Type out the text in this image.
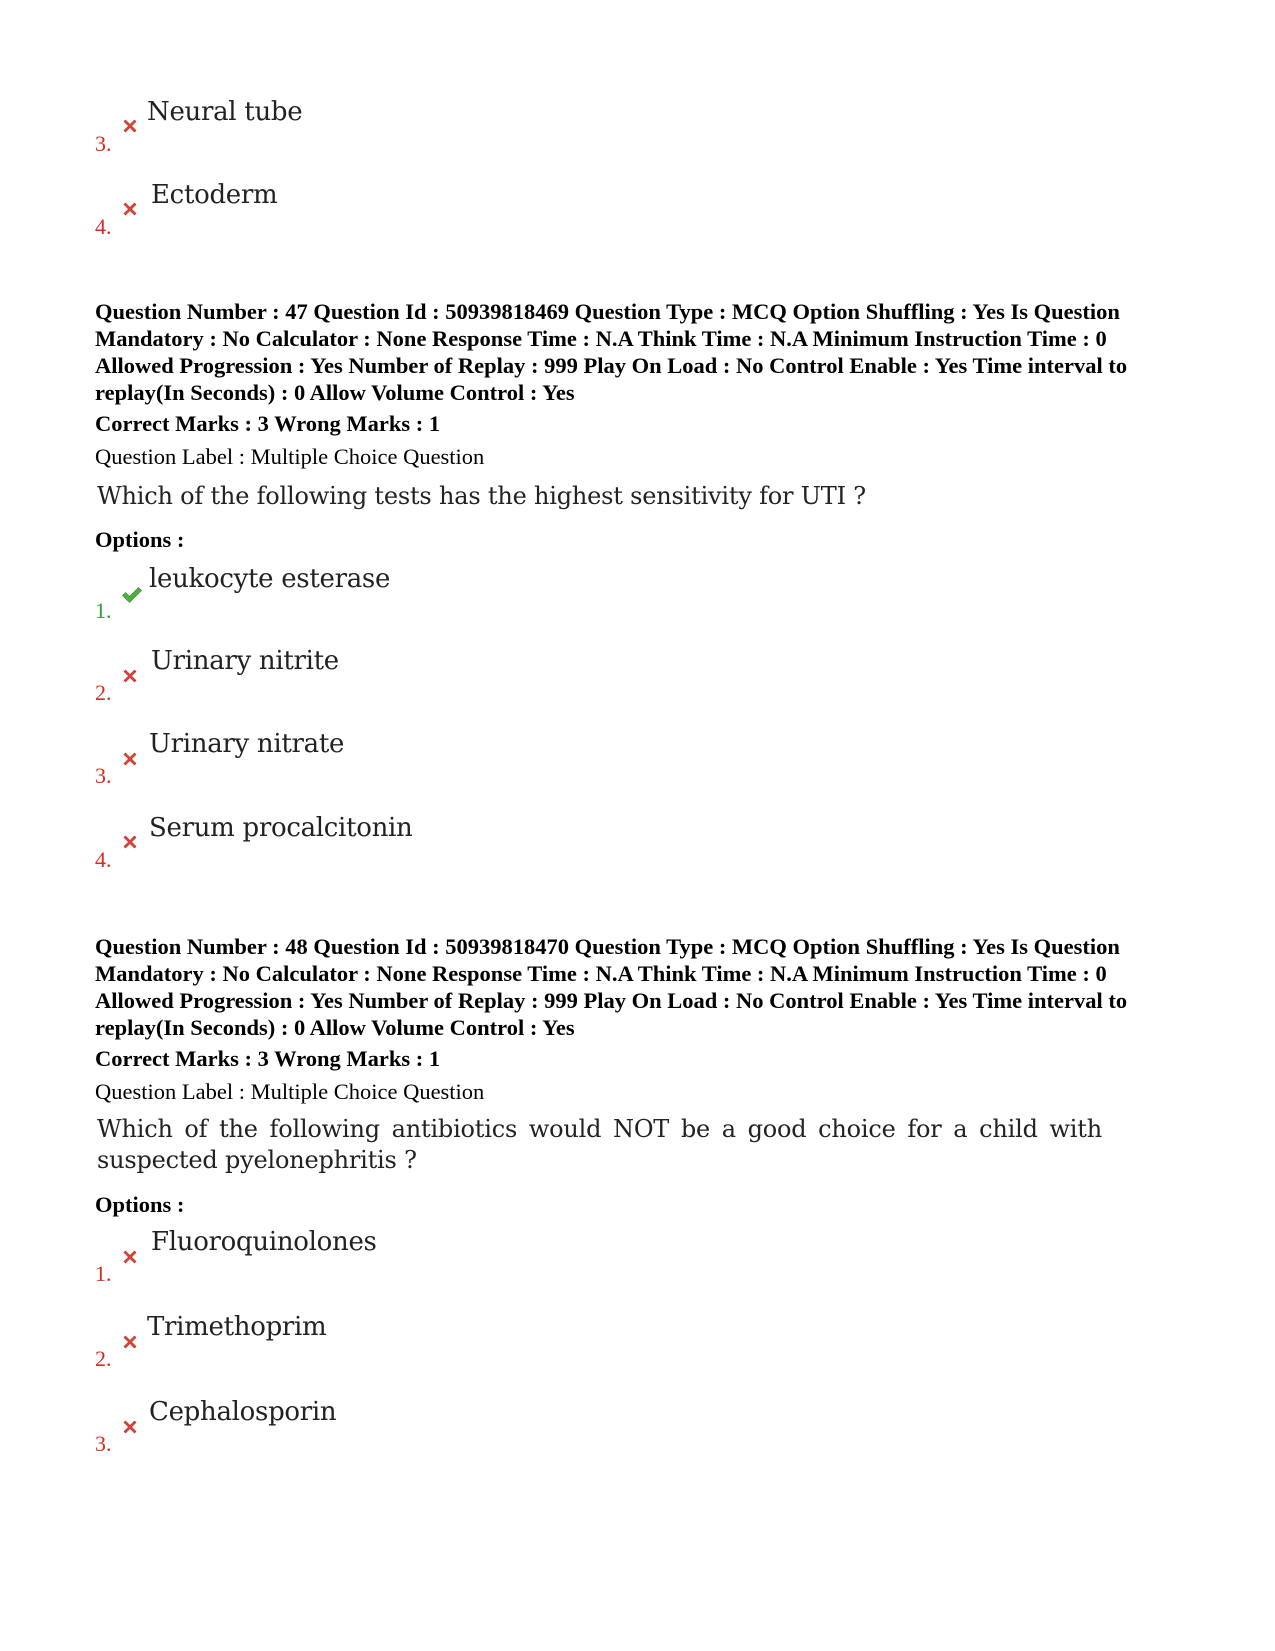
3.
Neural tube
4.
Ectoderm

Question Number : 47 Question Id : 50939818469 Question Type : MCQ Option Shuffling : Yes Is Question Mandatory : No Calculator : None Response Time : N.A Think Time : N.A Minimum Instruction Time : 0 Allowed Progression : Yes Number of Replay : 999 Play On Load : No Control Enable : Yes Time interval to replay(In Seconds) : 0 Allow Volume Control : Yes

Correct Marks : 3 Wrong Marks : 1
Question Label : Multiple Choice Question
Which of the following tests has the highest sensitivity for UTI ?
Options :
1.
leukocyte esterase
2.
Urinary nitrite
3.
Urinary nitrate
4.
Serum procalcitonin

Question Number : 48 Question Id : 50939818470 Question Type : MCQ Option Shuffling : Yes Is Question Mandatory : No Calculator : None Response Time : N.A Think Time : N.A Minimum Instruction Time : 0 Allowed Progression : Yes Number of Replay : 999 Play On Load : No Control Enable : Yes Time interval to replay(In Seconds) : 0 Allow Volume Control : Yes

Correct Marks : 3 Wrong Marks : 1
Question Label : Multiple Choice Question
Which of the following antibiotics would NOT be a good choice for a child with suspected pyelonephritis ?
Options :
1.
Fluoroquinolones
2.
Trimethoprim
3.
Cephalosporin
